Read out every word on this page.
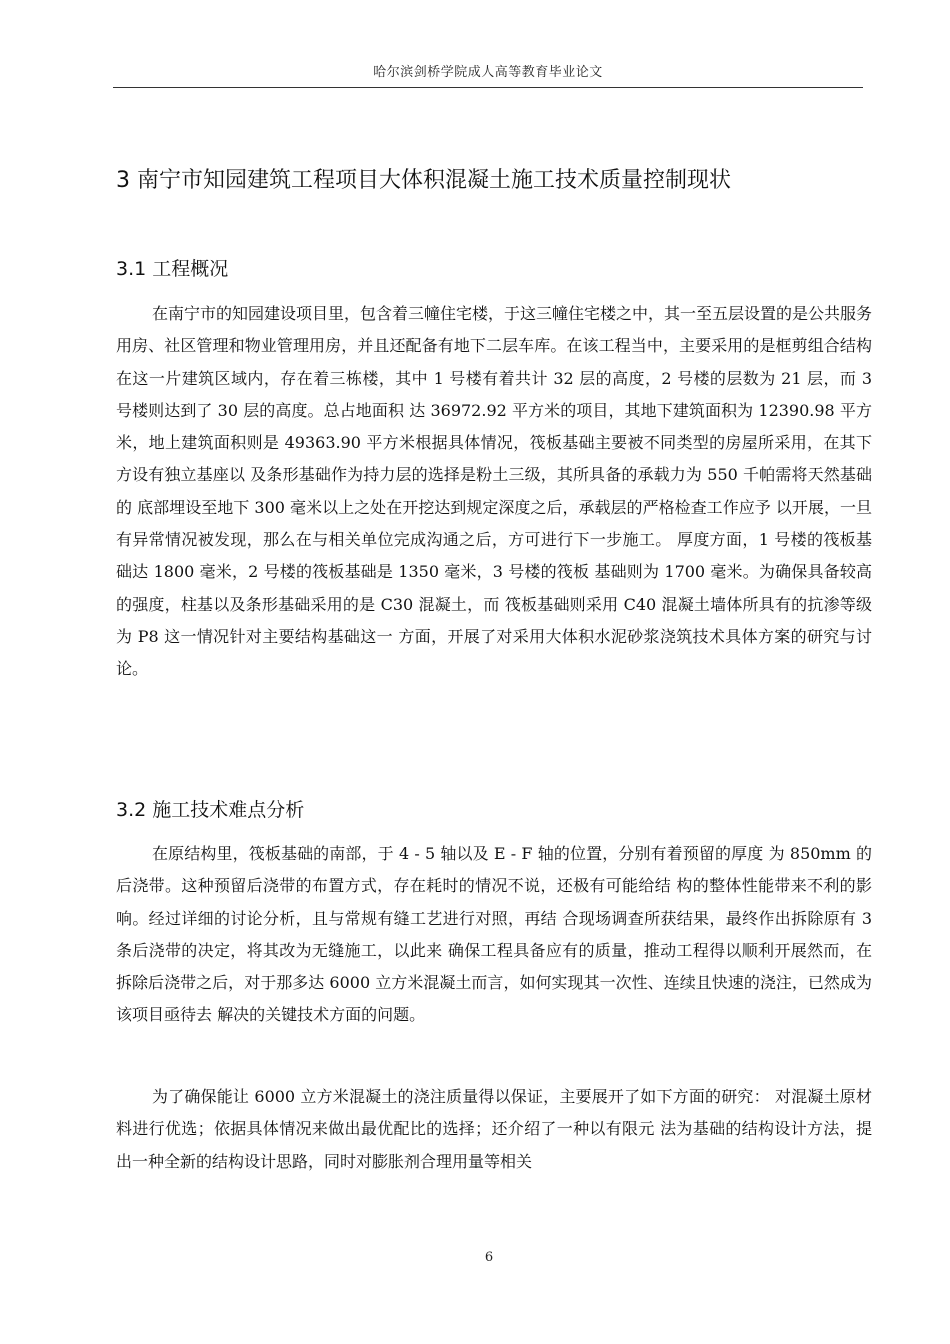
哈尔滨剑桥学院成人高等教育毕业论文
3 南宁市知园建筑工程项目大体积混凝土施工技术质量控制现状
3.1 工程概况

在南宁市的知园建设项目里，包含着三幢住宅楼，于这三幢住宅楼之中，其一至五层设置的是公共服务用房、社区管理和物业管理用房，并且还配备有地下二层车库。在该工程当中，主要采用的是框剪组合结构在这一片建筑区域内，存在着三栋楼，其中 1 号楼有着共计 32 层的高度，2 号楼的层数为 21 层，而 3 号楼则达到了 30 层的高度。总占地面积 达 36972.92 平方米的项目，其地下建筑面积为 12390.98 平方米，地上建筑面积则是 49363.90 平方米根据具体情况，筏板基础主要被不同类型的房屋所采用，在其下方设有独立基座以 及条形基础作为持力层的选择是粉土三级，其所具备的承载力为 550 千帕需将天然基础的 底部埋设至地下 300 毫米以上之处在开挖达到规定深度之后，承载层的严格检查工作应予 以开展，一旦有异常情况被发现，那么在与相关单位完成沟通之后，方可进行下一步施工。 厚度方面，1 号楼的筏板基础达 1800 毫米，2 号楼的筏板基础是 1350 毫米，3 号楼的筏板 基础则为 1700 毫米。为确保具备较高的强度，柱基以及条形基础采用的是 C30 混凝土，而 筏板基础则采用 C40 混凝土墙体所具有的抗渗等级为 P8 这一情况针对主要结构基础这一 方面，开展了对采用大体积水泥砂浆浇筑技术具体方案的研究与讨论。

3.2 施工技术难点分析

在原结构里，筏板基础的南部，于 4 - 5 轴以及 E - F 轴的位置，分别有着预留的厚度 为 850mm 的后浇带。这种预留后浇带的布置方式，存在耗时的情况不说，还极有可能给结 构的整体性能带来不利的影响。经过详细的讨论分析，且与常规有缝工艺进行对照，再结 合现场调查所获结果，最终作出拆除原有 3 条后浇带的决定，将其改为无缝施工，以此来 确保工程具备应有的质量，推动工程得以顺利开展然而，在拆除后浇带之后，对于那多达 6000 立方米混凝土而言，如何实现其一次性、连续且快速的浇注，已然成为该项目亟待去 解决的关键技术方面的问题。

为了确保能让 6000 立方米混凝土的浇注质量得以保证，主要展开了如下方面的研究： 对混凝土原材料进行优选；依据具体情况来做出最优配比的选择；还介绍了一种以有限元 法为基础的结构设计方法，提出一种全新的结构设计思路，同时对膨胀剂合理用量等相关

6
